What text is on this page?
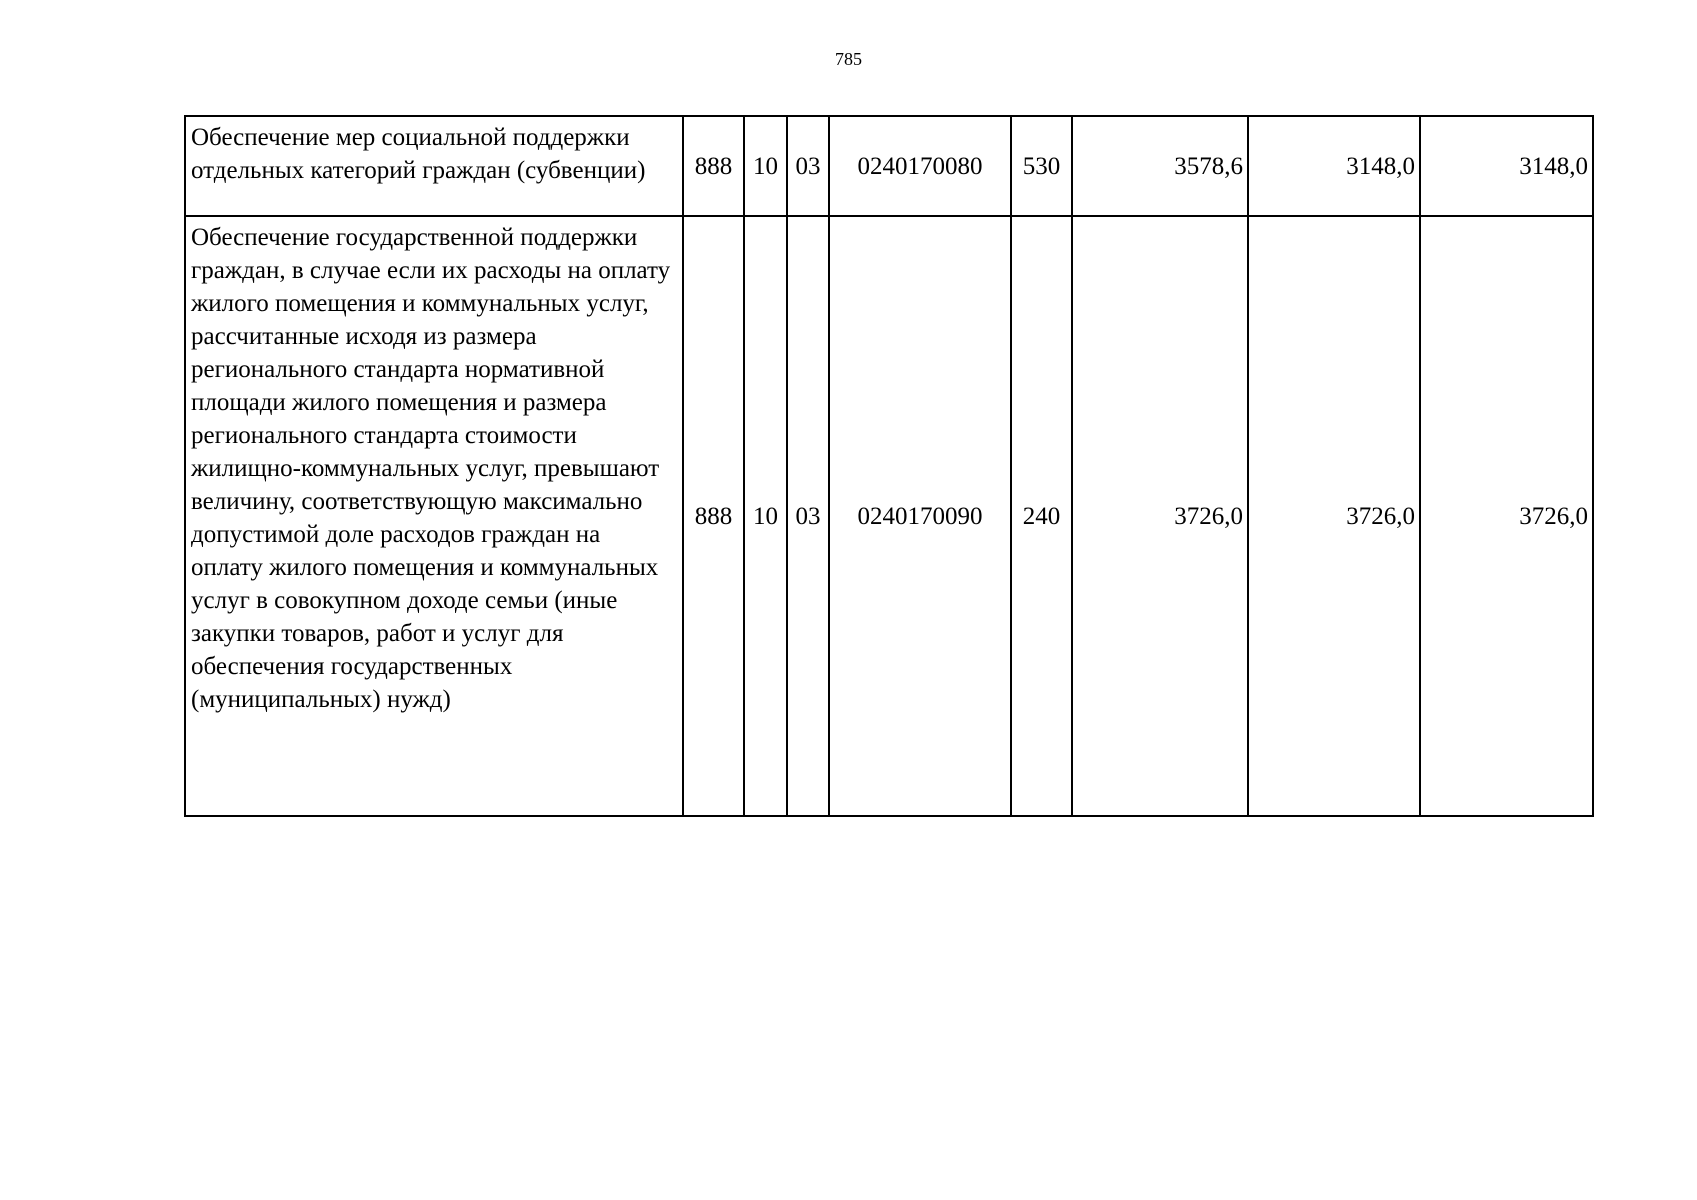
785
Обеспечение мер социальной поддержки отдельных категорий граждан (субвенции)	888	10	03	0240170080	530	3578,6	3148,0	3148,0
Обеспечение государственной поддержки граждан, в случае если их расходы на оплату жилого помещения и коммунальных услуг, рассчитанные исходя из размера регионального стандарта нормативной площади жилого помещения и размера регионального стандарта стоимости жилищно-коммунальных услуг, превышают величину, соответствующую максимально допустимой доле расходов граждан на оплату жилого помещения и коммунальных услуг в совокупном доходе семьи (иные закупки товаров, работ и услуг для обеспечения государственных (муниципальных) нужд)	888	10	03	0240170090	240	3726,0	3726,0	3726,0
